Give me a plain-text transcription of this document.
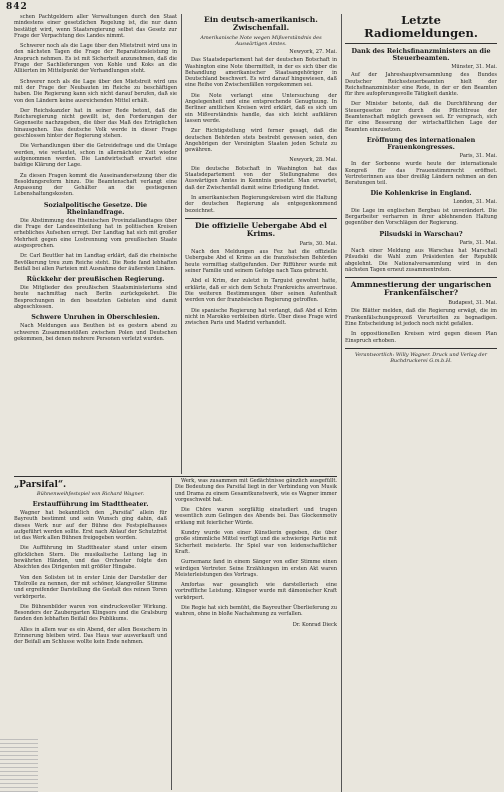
842

schen Pachtgeldern aller Verwaltungen durch den Staat mindestens einer gesetzlichen Regelung ist, die nur dann bestätigt wird, wenn Staatsregierung selbst das Gesetz zur Frage der Verpachtung des Landes nimmt.

Schwerer noch als die Lage über den Mietstreit wird uns in den nächsten Tagen die Frage der Reparationsleistung in Anspruch nehmen. Es ist mit Sicherheit anzunehmen, daß die Frage der Sachlieferungen von Kohle und Koks an die Alliierten im Mittelpunkt der Verhandlungen steht.

Schwerer noch als die Lage über den Mietstreit wird uns mit der Frage der Neubauten im Reiche zu beschäftigen haben. Die Regierung kann sich nicht darauf berufen, daß sie von den Ländern keine ausreichenden Mittel erhält.

Der Reichskanzler hat in seiner Rede betont, daß die Reichsregierung nicht gewillt ist, den Forderungen der Gegenseite nachzugeben, die über das Maß des Erträglichen hinausgehen. Das deutsche Volk werde in dieser Frage geschlossen hinter der Regierung stehen.

Die Verhandlungen über die Getreidefrage und die Umlage werden, wie verlautet, schon in allernächster Zeit wieder aufgenommen werden. Die Landwirtschaft erwartet eine baldige Klärung der Lage.

Zu diesen Fragen kommt die Auseinandersetzung über die Besoldungsreform hinzu. Die Beamtenschaft verlangt eine Anpassung der Gehälter an die gestiegenen Lebenshaltungskosten.

Sozialpolitische Gesetze. Die Rheinlandfrage.

Die Abstimmung des Rheinischen Provinziallandtages über die Frage der Landeseinteilung hat in politischen Kreisen erhebliches Aufsehen erregt. Der Landtag hat sich mit großer Mehrheit gegen eine Lostrennung vom preußischen Staate ausgesprochen.

Dr. Carl Beuttler hat im Landtag erklärt, daß die rheinische Bevölkerung treu zum Reiche steht. Die Rede fand lebhaften Beifall bei allen Parteien mit Ausnahme der äußersten Linken.

Rückkehr der preußischen Regierung.

Die Mitglieder des preußischen Staatsministeriums sind heute nachmittag nach Berlin zurückgekehrt. Die Besprechungen in den besetzten Gebieten sind damit abgeschlossen.

Schwere Unruhen in Oberschlesien.

Nach Meldungen aus Beuthen ist es gestern abend zu schweren Zusammenstößen zwischen Polen und Deutschen gekommen, bei denen mehrere Personen verletzt wurden.

Ein deutsch-amerikanisch. Zwischenfall.

Amerikanische Note wegen Mißverständnis des Auswärtigen Amtes.

Newyork, 27. Mai.

Das Staatsdepartement hat der deutschen Botschaft in Washington eine Note übermittelt, in der es sich über die Behandlung amerikanischer Staatsangehöriger in Deutschland beschwert. Es wird darauf hingewiesen, daß eine Reihe von Zwischenfällen vorgekommen sei.

Die Note verlangt eine Untersuchung der Angelegenheit und eine entsprechende Genugtuung. In Berliner amtlichen Kreisen wird erklärt, daß es sich um ein Mißverständnis handle, das sich leicht aufklären lassen werde.

Zur Richtigstellung wird ferner gesagt, daß die deutschen Behörden stets bestrebt gewesen seien, den Angehörigen der Vereinigten Staaten jeden Schutz zu gewähren.

Newyork, 28. Mai.

Die deutsche Botschaft in Washington hat das Staatsdepartement von der Stellungnahme des Auswärtigen Amtes in Kenntnis gesetzt. Man erwartet, daß der Zwischenfall damit seine Erledigung findet.

In amerikanischen Regierungskreisen wird die Haltung der deutschen Regierung als entgegenkommend bezeichnet.

Die offizielle Uebergabe Abd el Krims.

Paris, 30. Mai.

Nach den Meldungen aus Fez hat die offizielle Uebergabe Abd el Krims an die französischen Behörden heute vormittag stattgefunden. Der Rifführer wurde mit seiner Familie und seinem Gefolge nach Taza gebracht.

Abd el Krim, der zuletzt in Targuist gewohnt hatte, erklärte, daß er sich dem Schutz Frankreichs anvertraue. Die weiteren Bestimmungen über seinen Aufenthalt werden von der französischen Regierung getroffen.

Die spanische Regierung hat verlangt, daß Abd el Krim nicht in Marokko verbleiben dürfe. Über diese Frage wird zwischen Paris und Madrid verhandelt.

Letzte Radiomeldungen.
Dank des Reichsfinanzministers an die Steuerbeamten.

Münster, 31. Mai.

Auf der Jahreshauptversammlung des Bundes Deutscher Reichssteuerbeamten hielt der Reichsfinanzminister eine Rede, in der er den Beamten für ihre aufopferungsvolle Tätigkeit dankte.

Der Minister betonte, daß die Durchführung der Steuergesetze nur durch die Pflichttreue der Beamtenschaft möglich gewesen sei. Er versprach, sich für eine Besserung der wirtschaftlichen Lage der Beamten einzusetzen.

Eröffnung des internationalen Frauenkongresses.

Paris, 31. Mai.

In der Sorbonne wurde heute der internationale Kongreß für das Frauenstimmrecht eröffnet. Vertreterinnen aus über dreißig Ländern nehmen an den Beratungen teil.

Die Kohlenkrise in England.

London, 31. Mai.

Die Lage im englischen Bergbau ist unverändert. Die Bergarbeiter verharren in ihrer ablehnenden Haltung gegenüber den Vorschlägen der Regierung.

Pilsudski in Warschau?

Paris, 31. Mai.

Nach einer Meldung aus Warschau hat Marschall Pilsudski die Wahl zum Präsidenten der Republik abgelehnt. Die Nationalversammlung wird in den nächsten Tagen erneut zusammentreten.

Ammnestierung der ungarischen Frankenfälscher?

Budapest, 31. Mai.

Die Blätter melden, daß die Regierung erwägt, die im Frankenfälschungsprozeß Verurteilten zu begnadigen. Eine Entscheidung ist jedoch noch nicht gefallen.

In oppositionellen Kreisen wird gegen diesen Plan Einspruch erhoben.

Verantwortlich: Willy Wagner. Druck und Verlag der Buchdruckerei G.m.b.H.

„Parsifal“.

Bühnenweihfestspiel von Richard Wagner.

Erstaufführung im Stadttheater.

Wagner hat bekanntlich den „Parsifal“ allein für Bayreuth bestimmt und sein Wunsch ging dahin, daß dieses Werk nur auf der Bühne des Festspielhauses aufgeführt werden sollte. Erst nach Ablauf der Schutzfrist ist das Werk allen Bühnen freigegeben worden.

Die Aufführung im Stadttheater stand unter einem glücklichen Stern. Die musikalische Leitung lag in bewährten Händen, und das Orchester folgte den Absichten des Dirigenten mit größter Hingabe.

Von den Solisten ist in erster Linie der Darsteller der Titelrolle zu nennen, der mit schöner, klangvoller Stimme und ergreifender Darstellung die Gestalt des reinen Toren verkörperte.

Die Bühnenbilder waren von eindrucksvoller Wirkung. Besonders der Zaubergarten Klingsors und die Gralsburg fanden den lebhaften Beifall des Publikums.

Alles in allem war es ein Abend, der allen Besuchern in Erinnerung bleiben wird. Das Haus war ausverkauft und der Beifall am Schlusse wollte kein Ende nehmen.

Werk, was zusammen mit Gedächtnisse gänzlich ausgefüllt. Die Bedeutung des Parsifal liegt in der Verbindung von Musik und Drama zu einem Gesamtkunstwerk, wie es Wagner immer vorgeschwebt hat.

Die Chöre waren sorgfältig einstudiert und trugen wesentlich zum Gelingen des Abends bei. Das Glockenmotiv erklang mit feierlicher Würde.

Kundry wurde von einer Künstlerin gegeben, die über große stimmliche Mittel verfügt und die schwierige Partie mit Sicherheit meisterte. Ihr Spiel war von leidenschaftlicher Kraft.

Gurnemanz fand in einem Sänger von edler Stimme einen würdigen Vertreter. Seine Erzählungen im ersten Akt waren Meisterleistungen des Vortrags.

Amfortas war gesanglich wie darstellerisch eine vortreffliche Leistung. Klingsor wurde mit dämonischer Kraft verkörpert.

Die Regie hat sich bemüht, die Bayreuther Überlieferung zu wahren, ohne in bloße Nachahmung zu verfallen.

Dr. Konrad Dieck
